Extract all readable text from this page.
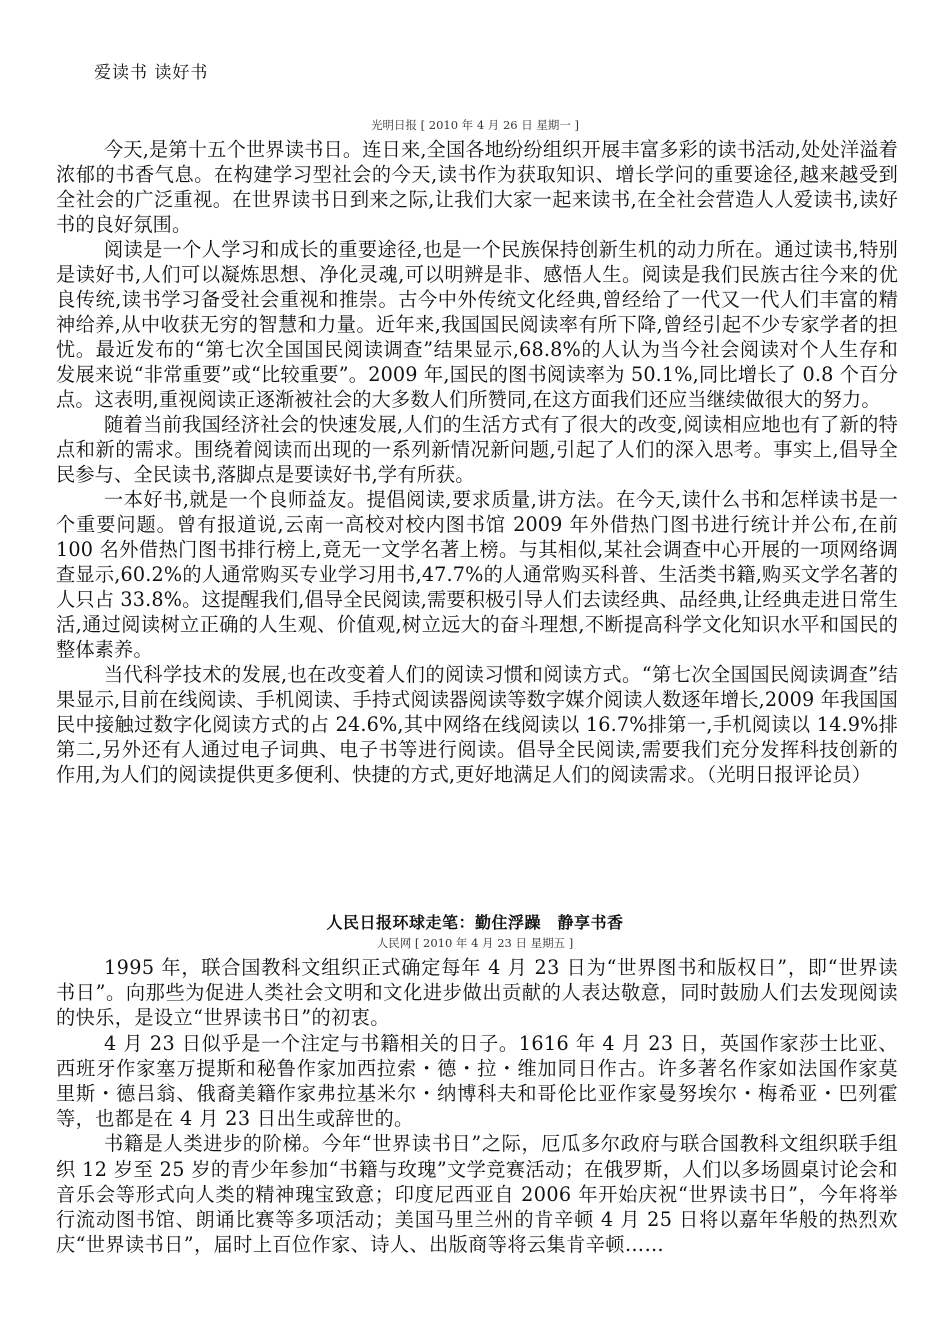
爱读书 读好书
光明日报 [ 2010 年 4 月 26 日 星期一 ]

今天,是第十五个世界读书日。连日来,全国各地纷纷组织开展丰富多彩的读书活动,处处洋溢着浓郁的书香气息。在构建学习型社会的今天,读书作为获取知识、增长学问的重要途径,越来越受到全社会的广泛重视。在世界读书日到来之际,让我们大家一起来读书,在全社会营造人人爱读书,读好书的良好氛围。

阅读是一个人学习和成长的重要途径,也是一个民族保持创新生机的动力所在。通过读书,特别是读好书,人们可以凝炼思想、净化灵魂,可以明辨是非、感悟人生。阅读是我们民族古往今来的优良传统,读书学习备受社会重视和推崇。古今中外传统文化经典,曾经给了一代又一代人们丰富的精神给养,从中收获无穷的智慧和力量。近年来,我国国民阅读率有所下降,曾经引起不少专家学者的担忧。最近发布的“第七次全国国民阅读调查”结果显示,68.8%的人认为当今社会阅读对个人生存和发展来说“非常重要”或“比较重要”。2009 年,国民的图书阅读率为 50.1%,同比增长了 0.8 个百分点。这表明,重视阅读正逐渐被社会的大多数人们所赞同,在这方面我们还应当继续做很大的努力。

随着当前我国经济社会的快速发展,人们的生活方式有了很大的改变,阅读相应地也有了新的特点和新的需求。围绕着阅读而出现的一系列新情况新问题,引起了人们的深入思考。事实上,倡导全民参与、全民读书,落脚点是要读好书,学有所获。

一本好书,就是一个良师益友。提倡阅读,要求质量,讲方法。在今天,读什么书和怎样读书是一个重要问题。曾有报道说,云南一高校对校内图书馆 2009 年外借热门图书进行统计并公布,在前 100 名外借热门图书排行榜上,竟无一文学名著上榜。与其相似,某社会调查中心开展的一项网络调查显示,60.2%的人通常购买专业学习用书,47.7%的人通常购买科普、生活类书籍,购买文学名著的人只占 33.8%。这提醒我们,倡导全民阅读,需要积极引导人们去读经典、品经典,让经典走进日常生活,通过阅读树立正确的人生观、价值观,树立远大的奋斗理想,不断提高科学文化知识水平和国民的整体素养。

当代科学技术的发展,也在改变着人们的阅读习惯和阅读方式。“第七次全国国民阅读调查”结果显示,目前在线阅读、手机阅读、手持式阅读器阅读等数字媒介阅读人数逐年增长,2009 年我国国民中接触过数字化阅读方式的占 24.6%,其中网络在线阅读以 16.7%排第一,手机阅读以 14.9%排第二,另外还有人通过电子词典、电子书等进行阅读。倡导全民阅读,需要我们充分发挥科技创新的作用,为人们的阅读提供更多便利、快捷的方式,更好地满足人们的阅读需求。（光明日报评论员）

人民日报环球走笔：勤住浮躁　静享书香
人民网 [ 2010 年 4 月 23 日 星期五 ]

1995 年，联合国教科文组织正式确定每年 4 月 23 日为“世界图书和版权日”，即“世界读书日”。向那些为促进人类社会文明和文化进步做出贡献的人表达敬意，同时鼓励人们去发现阅读的快乐，是设立“世界读书日”的初衷。

4 月 23 日似乎是一个注定与书籍相关的日子。1616 年 4 月 23 日，英国作家莎士比亚、西班牙作家塞万提斯和秘鲁作家加西拉索・德・拉・维加同日作古。许多著名作家如法国作家莫里斯・德吕翁、俄裔美籍作家弗拉基米尔・纳博科夫和哥伦比亚作家曼努埃尔・梅希亚・巴列霍等，也都是在 4 月 23 日出生或辞世的。

书籍是人类进步的阶梯。今年“世界读书日”之际，厄瓜多尔政府与联合国教科文组织联手组织 12 岁至 25 岁的青少年参加“书籍与玫瑰”文学竞赛活动；在俄罗斯，人们以多场圆桌讨论会和音乐会等形式向人类的精神瑰宝致意；印度尼西亚自 2006 年开始庆祝“世界读书日”，今年将举行流动图书馆、朗诵比赛等多项活动；美国马里兰州的肯辛顿 4 月 25 日将以嘉年华般的热烈欢庆“世界读书日”，届时上百位作家、诗人、出版商等将云集肯辛顿……
